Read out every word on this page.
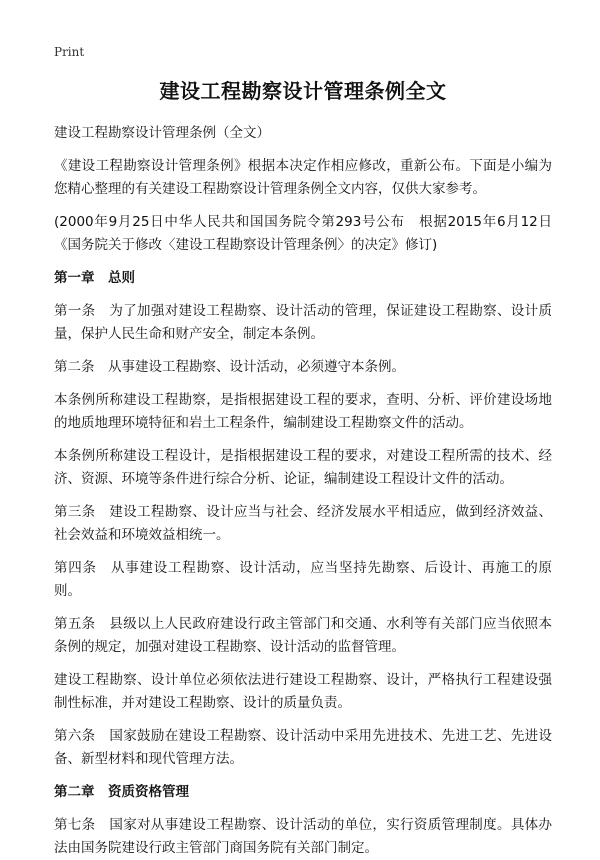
Print
建设工程勘察设计管理条例全文

建设工程勘察设计管理条例（全文）

《建设工程勘察设计管理条例》根据本决定作相应修改，重新公布。下面是小编为您精心整理的有关建设工程勘察设计管理条例全文内容，仅供大家参考。

(2000年9月25日中华人民共和国国务院令第293号公布　根据2015年6月12日《国务院关于修改〈建设工程勘察设计管理条例〉的决定》修订)

第一章　总则

第一条　为了加强对建设工程勘察、设计活动的管理，保证建设工程勘察、设计质量，保护人民生命和财产安全，制定本条例。

第二条　从事建设工程勘察、设计活动，必须遵守本条例。

本条例所称建设工程勘察，是指根据建设工程的要求，查明、分析、评价建设场地的地质地理环境特征和岩土工程条件，编制建设工程勘察文件的活动。

本条例所称建设工程设计，是指根据建设工程的要求，对建设工程所需的技术、经济、资源、环境等条件进行综合分析、论证，编制建设工程设计文件的活动。

第三条　建设工程勘察、设计应当与社会、经济发展水平相适应，做到经济效益、社会效益和环境效益相统一。

第四条　从事建设工程勘察、设计活动，应当坚持先勘察、后设计、再施工的原则。

第五条　县级以上人民政府建设行政主管部门和交通、水利等有关部门应当依照本条例的规定，加强对建设工程勘察、设计活动的监督管理。

建设工程勘察、设计单位必须依法进行建设工程勘察、设计，严格执行工程建设强制性标准，并对建设工程勘察、设计的质量负责。

第六条　国家鼓励在建设工程勘察、设计活动中采用先进技术、先进工艺、先进设备、新型材料和现代管理方法。

第二章　资质资格管理

第七条　国家对从事建设工程勘察、设计活动的单位，实行资质管理制度。具体办法由国务院建设行政主管部门商国务院有关部门制定。
